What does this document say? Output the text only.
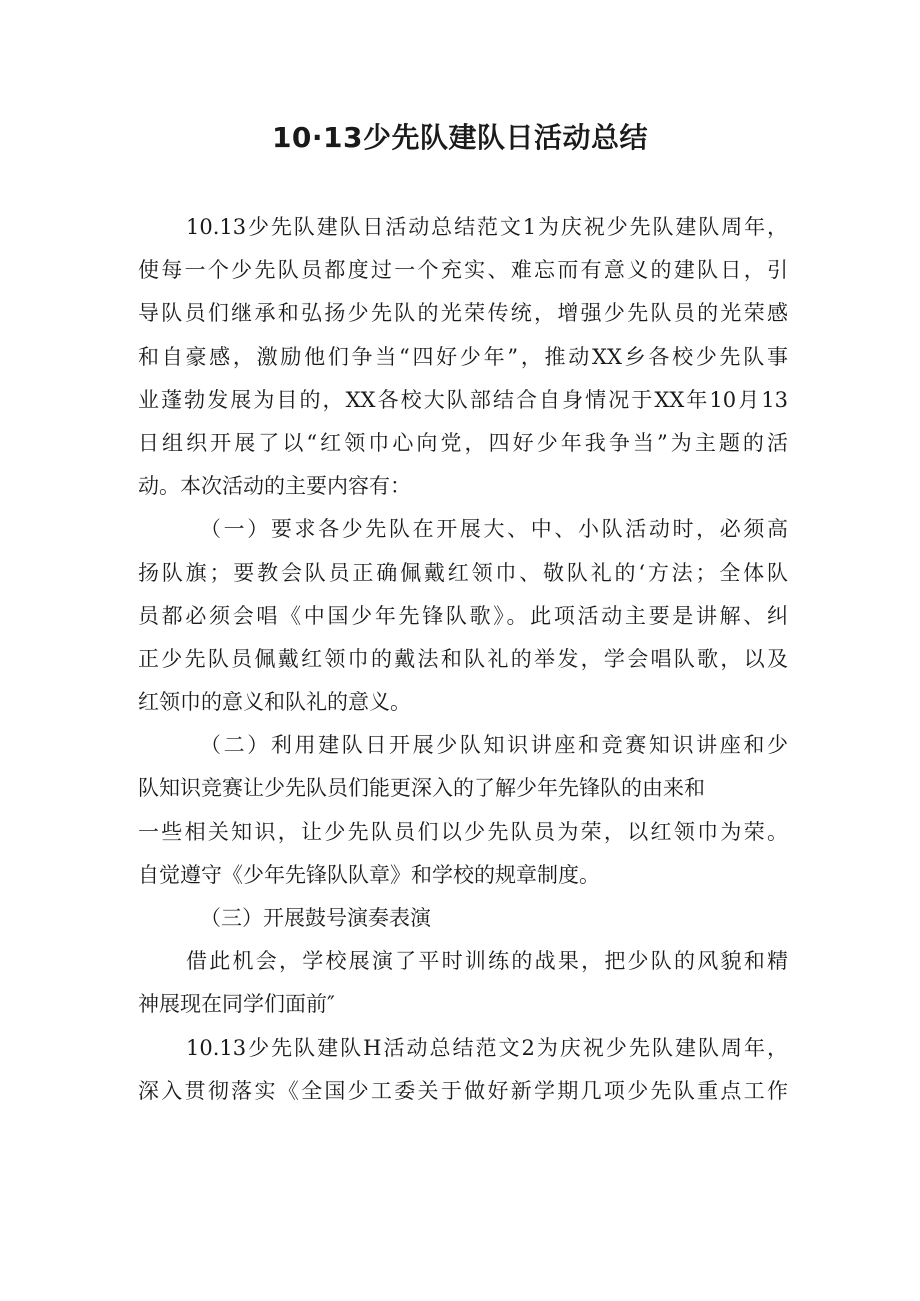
10·13少先队建队日活动总结
10.13少先队建队日活动总结范文1为庆祝少先队建队周年，
使每一个少先队员都度过一个充实、难忘而有意义的建队日，引
导队员们继承和弘扬少先队的光荣传统，增强少先队员的光荣感
和自豪感，激励他们争当“四好少年”，推动XX乡各校少先队事
业蓬勃发展为目的，XX各校大队部结合自身情况于XX年10月13
日组织开展了以“红领巾心向党，四好少年我争当”为主题的活
动。本次活动的主要内容有：
（一）要求各少先队在开展大、中、小队活动时，必须高
扬队旗；要教会队员正确佩戴红领巾、敬队礼的‘方法；全体队
员都必须会唱《中国少年先锋队歌》。此项活动主要是讲解、纠
正少先队员佩戴红领巾的戴法和队礼的举发，学会唱队歌，以及
红领巾的意义和队礼的意义。
（二）利用建队日开展少队知识讲座和竞赛知识讲座和少
队知识竞赛让少先队员们能更深入的了解少年先锋队的由来和
一些相关知识，让少先队员们以少先队员为荣，以红领巾为荣。
自觉遵守《少年先锋队队章》和学校的规章制度。
（三）开展鼓号演奏表演
借此机会，学校展演了平时训练的战果，把少队的风貌和精
神展现在同学们面前″
10.13少先队建队H活动总结范文2为庆祝少先队建队周年，
深入贯彻落实《全国少工委关于做好新学期几项少先队重点工作
